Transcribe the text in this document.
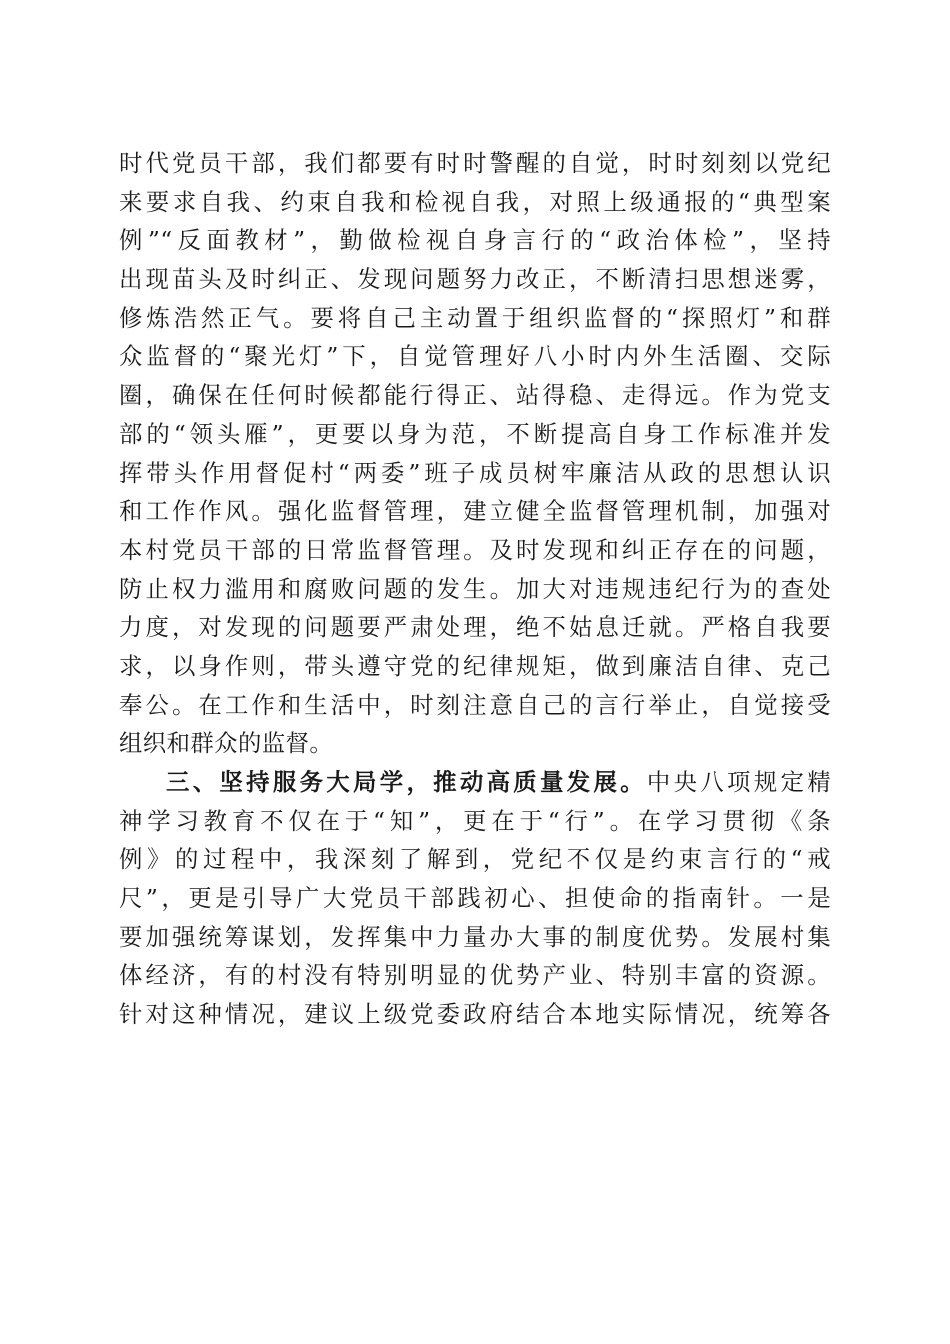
时代党员干部，我们都要有时时警醒的自觉，时时刻刻以党纪
来要求自我、约束自我和检视自我，对照上级通报的“典型案
例”“反面教材”，勤做检视自身言行的“政治体检”，坚持
出现苗头及时纠正、发现问题努力改正，不断清扫思想迷雾，
修炼浩然正气。要将自己主动置于组织监督的“探照灯”和群
众监督的“聚光灯”下，自觉管理好八小时内外生活圈、交际
圈，确保在任何时候都能行得正、站得稳、走得远。作为党支
部的“领头雁”，更要以身为范，不断提高自身工作标准并发
挥带头作用督促村“两委”班子成员树牢廉洁从政的思想认识
和工作作风。强化监督管理，建立健全监督管理机制，加强对
本村党员干部的日常监督管理。及时发现和纠正存在的问题，
防止权力滥用和腐败问题的发生。加大对违规违纪行为的查处
力度，对发现的问题要严肃处理，绝不姑息迁就。严格自我要
求，以身作则，带头遵守党的纪律规矩，做到廉洁自律、克己
奉公。在工作和生活中，时刻注意自己的言行举止，自觉接受
组织和群众的监督。
三、坚持服务大局学，推动高质量发展。中央八项规定精
神学习教育不仅在于“知”，更在于“行”。在学习贯彻《条
例》的过程中，我深刻了解到，党纪不仅是约束言行的“戒
尺”，更是引导广大党员干部践初心、担使命的指南针。一是
要加强统筹谋划，发挥集中力量办大事的制度优势。发展村集
体经济，有的村没有特别明显的优势产业、特别丰富的资源。
针对这种情况，建议上级党委政府结合本地实际情况，统筹各
